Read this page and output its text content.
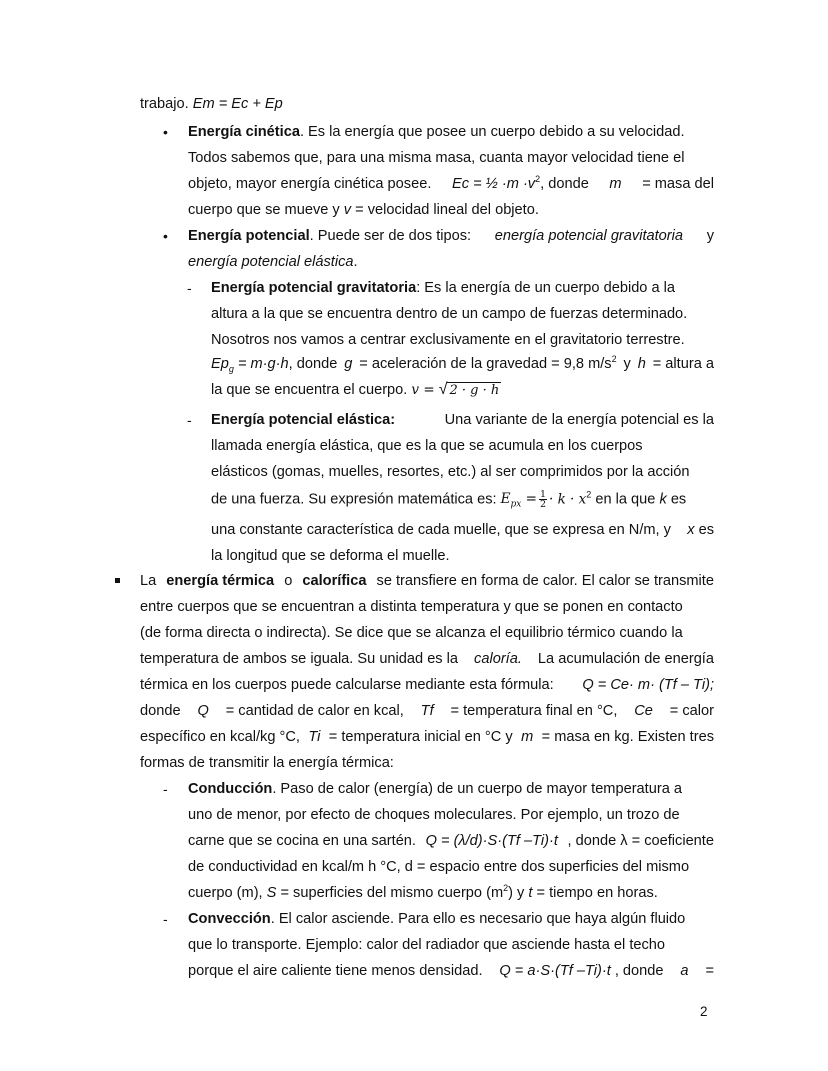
trabajo. Em = Ec + Ep
• Energía cinética. Es la energía que posee un cuerpo debido a su velocidad.
Todos sabemos que, para una misma masa, cuanta mayor velocidad tiene el
objeto, mayor energía cinética posee. Ec = ½ $\cdot m \cdot v^2$, donde m = masa del
cuerpo que se mueve y v = velocidad lineal del objeto.
• Energía potencial. Puede ser de dos tipos: energía potencial gravitatoria y
energía potencial elástica.
- Energía potencial gravitatoria: Es la energía de un cuerpo debido a la
altura a la que se encuentra dentro de un campo de fuerzas determinado.
Nosotros nos vamos a centrar exclusivamente en el gravitatorio terrestre.
$Ep_g = m\cdot g\cdot h$, donde g = aceleración de la gravedad = 9,8 $m/s^2$ y h = altura a
la que se encuentra el cuerpo. v = √ 2 · g · h
- Energía potencial elástica:	Una variante de la energía potencial es la
llamada energía elástica, que es la que se acumula en los cuerpos
elásticos (gomas, muelles, resortes, etc.) al ser comprimidos por la acción
de una fuerza. Su expresión matemática es: $E_{px} = \frac{1}{2} \cdot k \cdot x^2$ en la que k es
una constante característica de cada muelle, que se expresa en N/m, y x es
la longitud que se deforma el muelle.
La energía térmica o calorífica se transfiere en forma de calor. El calor se transmite
entre cuerpos que se encuentran a distinta temperatura y que se ponen en contacto
(de forma directa o indirecta). Se dice que se alcanza el equilibrio térmico cuando la
temperatura de ambos se iguala. Su unidad es la caloría. La acumulación de energía
térmica en los cuerpos puede calcularse mediante esta fórmula: Q = Ce· m· (Tf – Ti);
donde Q = cantidad de calor en kcal, Tf = temperatura final en °C, Ce = calor
específico en kcal/kg °C, Ti = temperatura inicial en °C y m = masa en kg. Existen tres
formas de transmitir la energía térmica:
- Conducción. Paso de calor (energía) de un cuerpo de mayor temperatura a
uno de menor, por efecto de choques moleculares. Por ejemplo, un trozo de
carne que se cocina en una sartén. Q = (λ/d)·S·(Tf –Ti)·t , donde λ = coeficiente
de conductividad en kcal/m h °C, d = espacio entre dos superficies del mismo
cuerpo (m), S = superficies del mismo cuerpo $(m^2)$ y t = tiempo en horas.
- Convección. El calor asciende. Para ello es necesario que haya algún fluido
que lo transporte. Ejemplo: calor del radiador que asciende hasta el techo
porque el aire caliente tiene menos densidad. Q = a·S·(Tf –Ti)·t , donde a =
2
